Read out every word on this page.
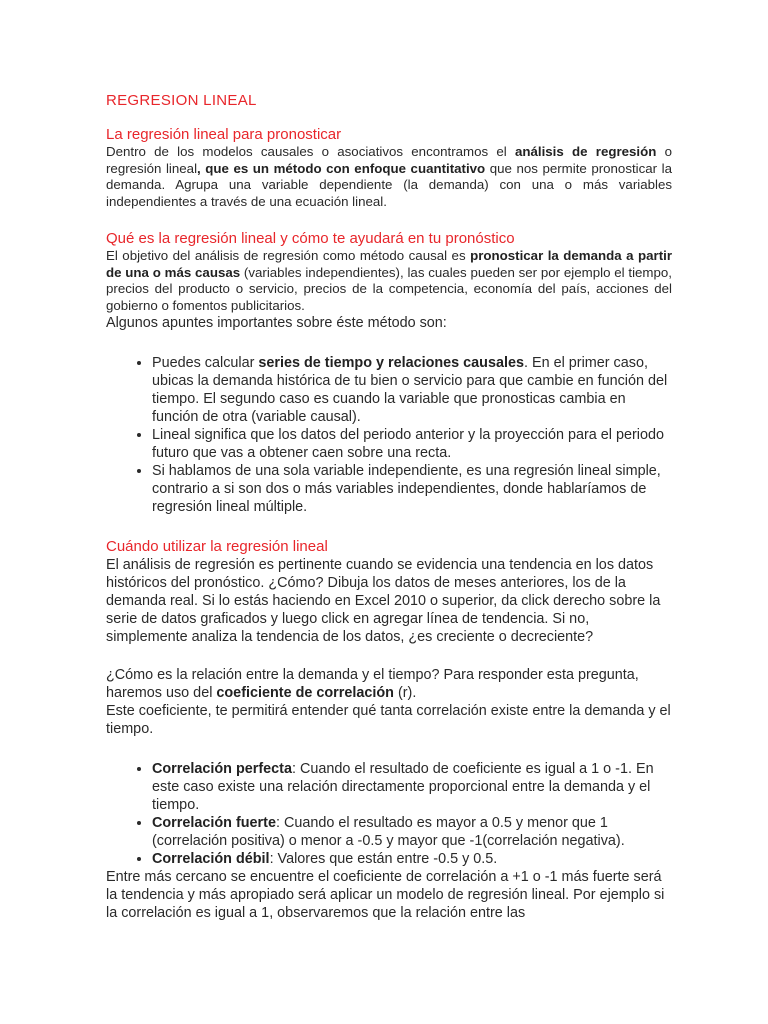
REGRESION LINEAL
La regresión lineal para pronosticar

Dentro de los modelos causales o asociativos encontramos el análisis de regresión o regresión lineal, que es un método con enfoque cuantitativo que nos permite pronosticar la demanda. Agrupa una variable dependiente (la demanda) con una o más variables independientes a través de una ecuación lineal.

Qué es la regresión lineal y cómo te ayudará en tu pronóstico

El objetivo del análisis de regresión como método causal es pronosticar la demanda a partir de una o más causas (variables independientes), las cuales pueden ser por ejemplo el tiempo, precios del producto o servicio, precios de la competencia, economía del país, acciones del gobierno o fomentos publicitarios.

Algunos apuntes importantes sobre éste método son:

• Puedes calcular series de tiempo y relaciones causales. En el primer caso, ubicas la demanda histórica de tu bien o servicio para que cambie en función del tiempo. El segundo caso es cuando la variable que pronosticas cambia en función de otra (variable causal).
• Lineal significa que los datos del periodo anterior y la proyección para el periodo futuro que vas a obtener caen sobre una recta.
• Si hablamos de una sola variable independiente, es una regresión lineal simple, contrario a si son dos o más variables independientes, donde hablaríamos de regresión lineal múltiple.
Cuándo utilizar la regresión lineal

El análisis de regresión es pertinente cuando se evidencia una tendencia en los datos históricos del pronóstico. ¿Cómo? Dibuja los datos de meses anteriores, los de la demanda real. Si lo estás haciendo en Excel 2010 o superior, da click derecho sobre la serie de datos graficados y luego click en agregar línea de tendencia. Si no, simplemente analiza la tendencia de los datos, ¿es creciente o decreciente?

¿Cómo es la relación entre la demanda y el tiempo? Para responder esta pregunta, haremos uso del coeficiente de correlación (r).

Este coeficiente, te permitirá entender qué tanta correlación existe entre la demanda y el tiempo.

• Correlación perfecta: Cuando el resultado de coeficiente es igual a 1 o -1. En este caso existe una relación directamente proporcional entre la demanda y el tiempo.
• Correlación fuerte: Cuando el resultado es mayor a 0.5 y menor que 1 (correlación positiva) o menor a -0.5 y mayor que -1(correlación negativa).
• Correlación débil: Valores que están entre -0.5 y 0.5.

Entre más cercano se encuentre el coeficiente de correlación a +1 o -1 más fuerte será la tendencia y más apropiado será aplicar un modelo de regresión lineal. Por ejemplo si la correlación es igual a 1, observaremos que la relación entre las
